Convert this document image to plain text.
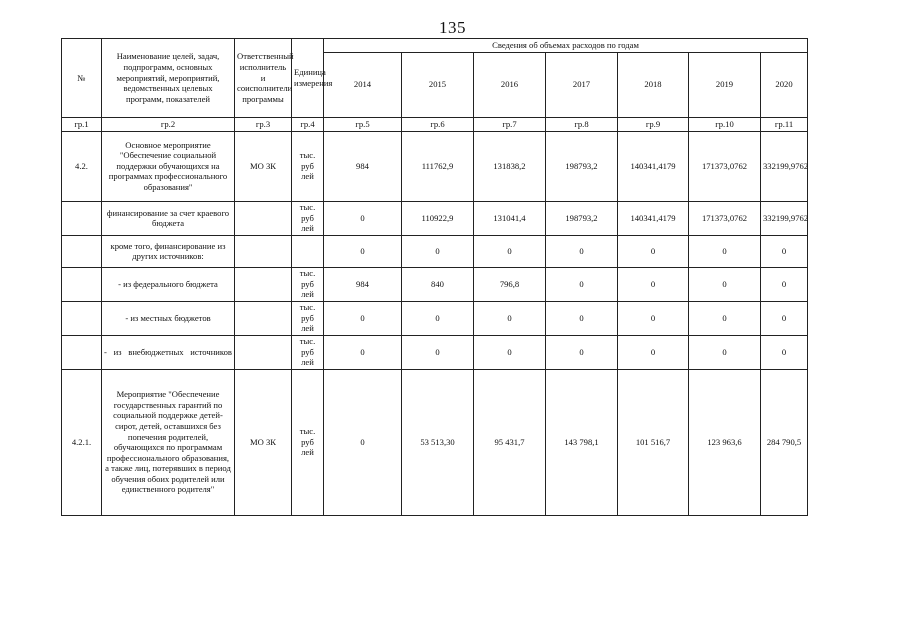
135
№	Наименование целей, задач, подпрограмм, основных мероприятий, мероприятий, ведомственных целевых программ, показателей	Ответственный исполнитель и соисполнители программы	Единица измерения	Сведения об объемах расходов по годам						
				2014	2015	2016	2017	2018	2019	2020
гр.1	гр.2	гр.3	гр.4	гр.5	гр.6	гр.7	гр.8	гр.9	гр.10	гр.11
4.2.	Основное мероприятие "Обеспечение социальной поддержки обучающихся на программах профессионального образования"	МО ЗК	тыс. руб лей	984	111762,9	131838,2	198793,2	140341,4179	171373,0762	332199,9762
	финансирование за счет краевого бюджета		тыс. руб лей	0	110922,9	131041,4	198793,2	140341,4179	171373,0762	332199,9762
	кроме того, финансирование из других источников:			0	0	0	0	0	0	0
	- из федерального бюджета		тыс. руб лей	984	840	796,8	0	0	0	0
	- из местных бюджетов		тыс. руб лей	0	0	0	0	0	0	0
	- из внебюджетных источников		тыс. руб лей	0	0	0	0	0	0	0
4.2.1.	Мероприятие "Обеспечение государственных гарантий по социальной поддержке детей-сирот, детей, оставшихся без попечения родителей, обучающихся по программам профессионального образования, а также лиц, потерявших в период обучения обоих родителей или единственного родителя"	МО ЗК	тыс. руб лей	0	53 513,30	95 431,7	143 798,1	101 516,7	123 963,6	284 790,5
